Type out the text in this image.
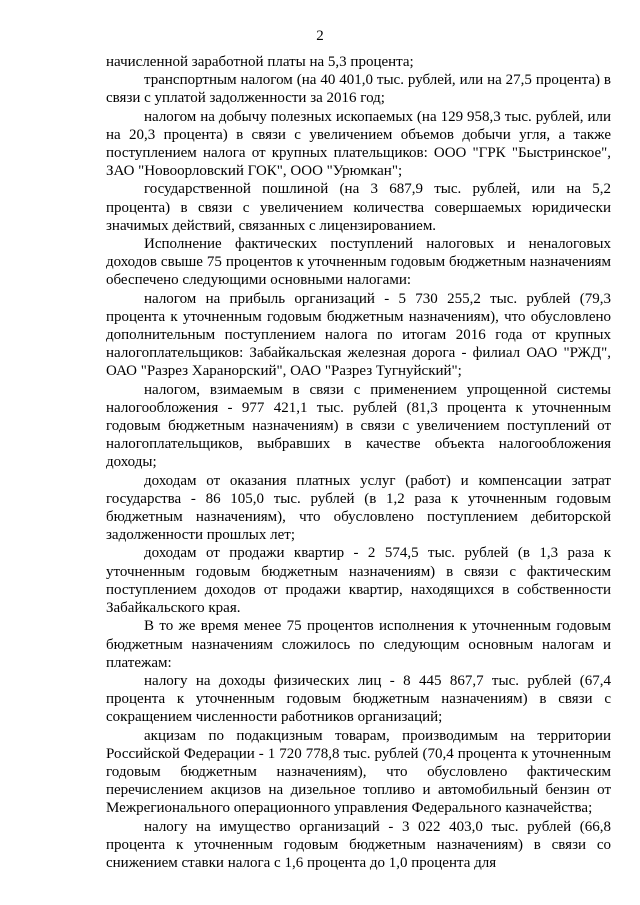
2

начисленной заработной платы на 5,3 процента;

транспортным налогом (на 40 401,0 тыс. рублей, или на 27,5 процента) в связи с уплатой задолженности за 2016 год;

налогом на добычу полезных ископаемых (на 129 958,3 тыс. рублей, или на 20,3 процента) в связи с увеличением объемов добычи угля, а также поступлением налога от крупных плательщиков: ООО "ГРК "Быстринское", ЗАО "Новоорловский ГОК", ООО "Урюмкан";

государственной пошлиной (на 3 687,9 тыс. рублей, или на 5,2 процента) в связи с увеличением количества совершаемых юридически значимых действий, связанных с лицензированием.

Исполнение фактических поступлений налоговых и неналоговых доходов свыше 75 процентов к уточненным годовым бюджетным назначениям обеспечено следующими основными налогами:

налогом на прибыль организаций - 5 730 255,2 тыс. рублей (79,3 процента к уточненным годовым бюджетным назначениям), что обусловлено дополнительным поступлением налога по итогам 2016 года от крупных налогоплательщиков: Забайкальская железная дорога - филиал ОАО "РЖД", ОАО "Разрез Харанорский", ОАО "Разрез Тугнуйский";

налогом, взимаемым в связи с применением упрощенной системы налогообложения - 977 421,1 тыс. рублей (81,3 процента к уточненным годовым бюджетным назначениям) в связи с увеличением поступлений от налогоплательщиков, выбравших в качестве объекта налогообложения доходы;

доходам от оказания платных услуг (работ) и компенсации затрат государства - 86 105,0 тыс. рублей (в 1,2 раза к уточненным годовым бюджетным назначениям), что обусловлено поступлением дебиторской задолженности прошлых лет;

доходам от продажи квартир - 2 574,5 тыс. рублей (в 1,3 раза к уточненным годовым бюджетным назначениям) в связи с фактическим поступлением доходов от продажи квартир, находящихся в собственности Забайкальского края.

В то же время менее 75 процентов исполнения к уточненным годовым бюджетным назначениям сложилось по следующим основным налогам и платежам:

налогу на доходы физических лиц - 8 445 867,7 тыс. рублей (67,4 процента к уточненным годовым бюджетным назначениям) в связи с сокращением численности работников организаций;

акцизам по подакцизным товарам, производимым на территории Российской Федерации - 1 720 778,8 тыс. рублей (70,4 процента к уточненным годовым бюджетным назначениям), что обусловлено фактическим перечислением акцизов на дизельное топливо и автомобильный бензин от Межрегионального операционного управления Федерального казначейства;

налогу на имущество организаций - 3 022 403,0 тыс. рублей (66,8 процента к уточненным годовым бюджетным назначениям) в связи со снижением ставки налога с 1,6 процента до 1,0 процента для
